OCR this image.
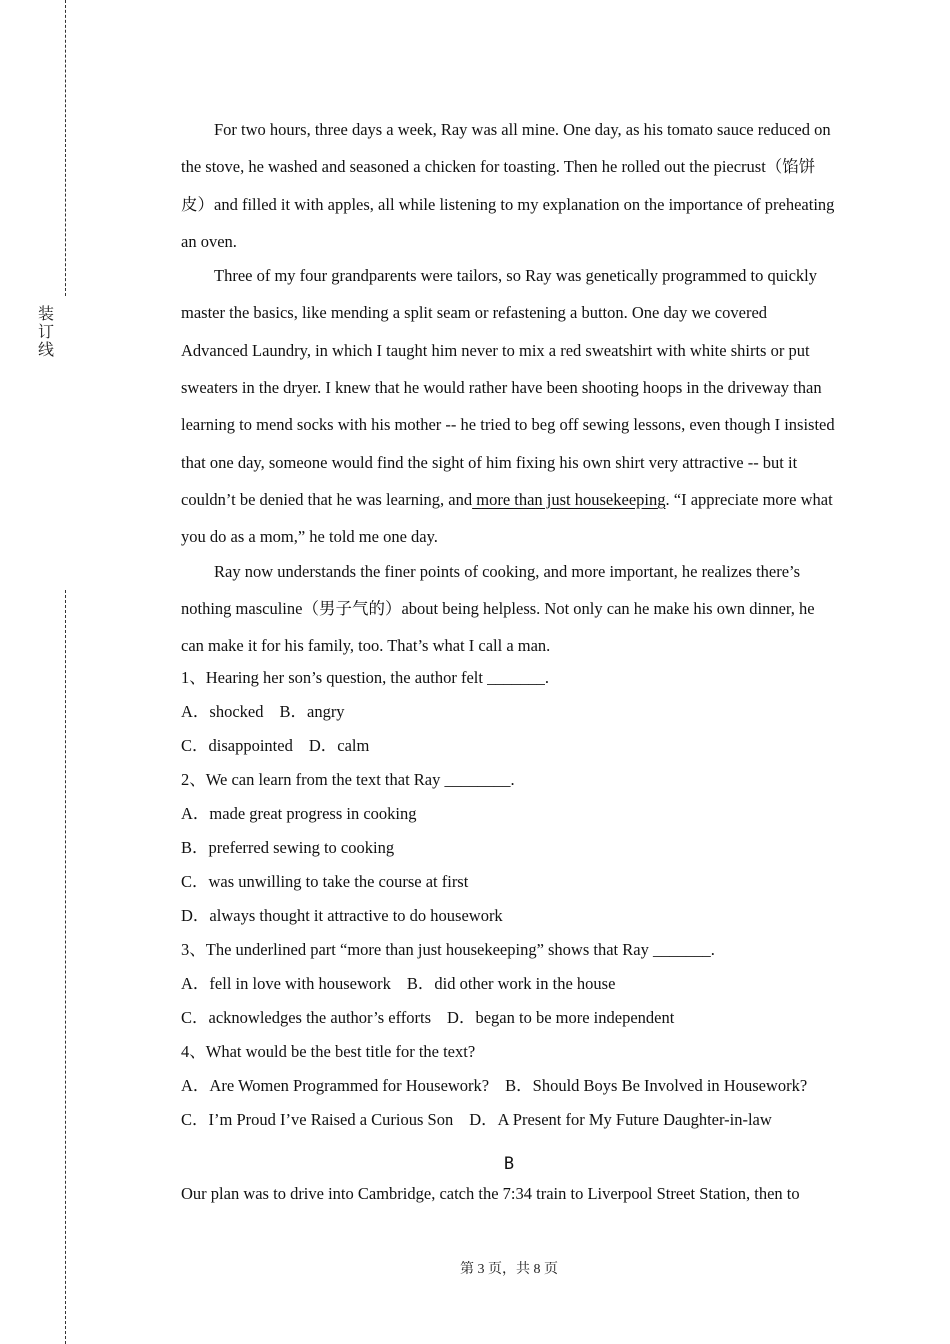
装
订
线

For two hours, three days a week, Ray was all mine. One day, as his tomato sauce reduced on the stove, he washed and seasoned a chicken for toasting. Then he rolled out the piecrust（馅饼皮）and filled it with apples, all while listening to my explanation on the importance of preheating an oven.

Three of my four grandparents were tailors, so Ray was genetically programmed to quickly master the basics, like mending a split seam or refastening a button. One day we covered Advanced Laundry, in which I taught him never to mix a red sweatshirt with white shirts or put sweaters in the dryer. I knew that he would rather have been shooting hoops in the driveway than learning to mend socks with his mother -- he tried to beg off sewing lessons, even though I insisted that one day, someone would find the sight of him fixing his own shirt very attractive -- but it couldn’t be denied that he was learning, and more than just housekeeping. “I appreciate more what you do as a mom,” he told me one day.

Ray now understands the finer points of cooking, and more important, he realizes there’s nothing masculine（男子气的）about being helpless. Not only can he make his own dinner, he can make it for his family, too. That’s what I call a man.

1、Hearing her son’s question, the author felt _______.

A．shocked B．angry

C．disappointed D．calm

2、We can learn from the text that Ray ________.

A．made great progress in cooking

B．preferred sewing to cooking

C．was unwilling to take the course at first

D．always thought it attractive to do housework

3、The underlined part “more than just housekeeping” shows that Ray _______.

A．fell in love with housework B．did other work in the house

C．acknowledges the author’s efforts D．began to be more independent

4、What would be the best title for the text?

A．Are Women Programmed for Housework? B．Should Boys Be Involved in Housework?

C．I’m Proud I’ve Raised a Curious Son D．A Present for My Future Daughter-in-law

B

Our plan was to drive into Cambridge, catch the 7:34 train to Liverpool Street Station, then to

第 3 页，共 8 页
